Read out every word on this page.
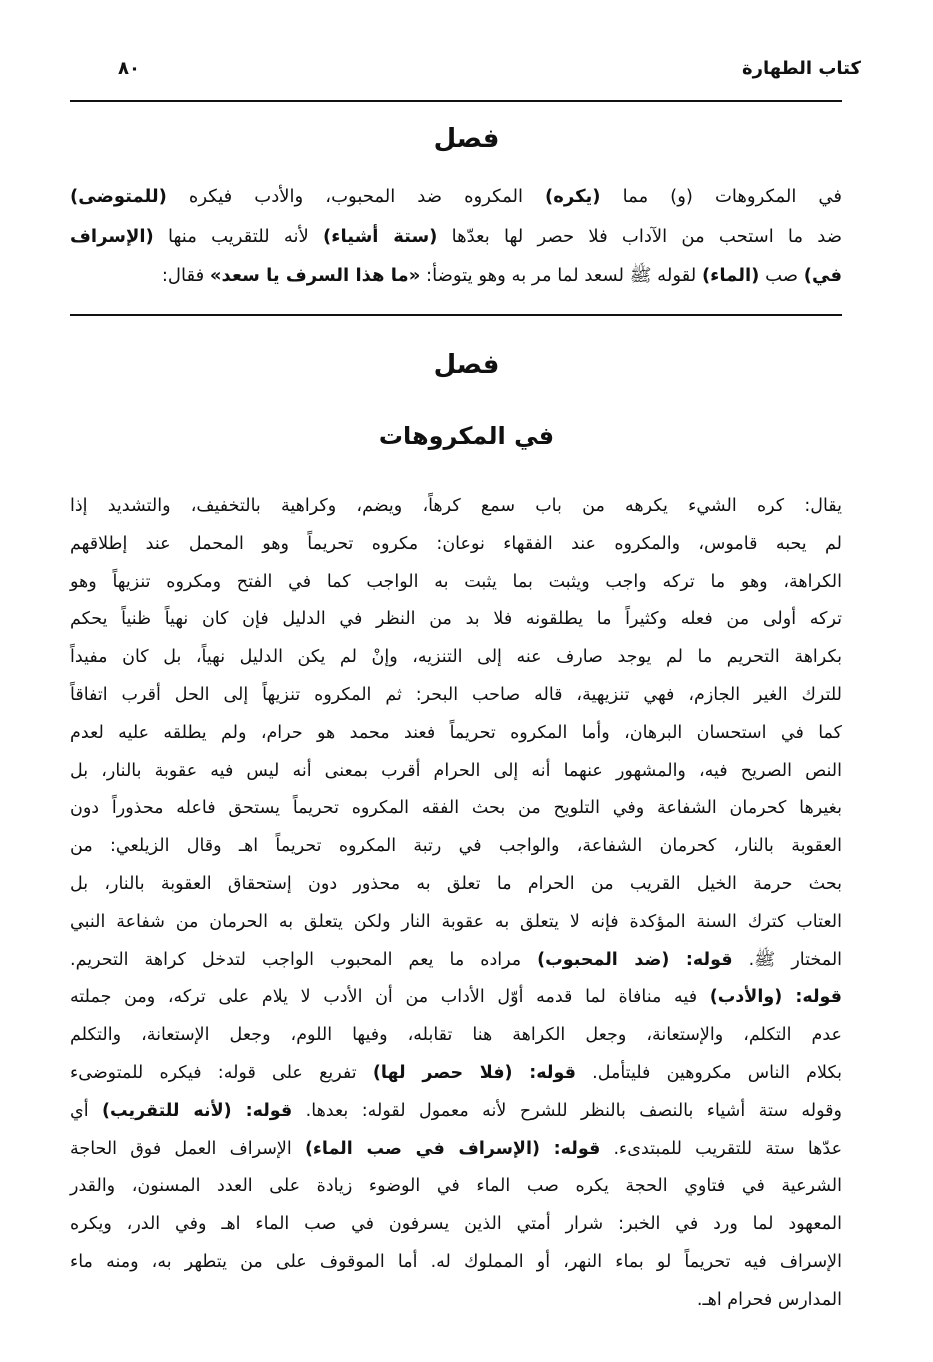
٨٠	كتاب الطهارة
فصل
في المكروهات (و) مما (يكره) المكروه ضد المحبوب، والأدب فيكره (للمتوضى)
ضد ما استحب من الآداب فلا حصر لها بعدّها (ستة أشياء) لأنه للتقريب منها (الإسراف
في) صب (الماء) لقوله ﷺ لسعد لما مر به وهو يتوضأ: «ما هذا السرف يا سعد» فقال:
فصل
في المكروهات
يقال: كره الشيء يكرهه من باب سمع كرهاً، ويضم، وكراهية بالتخفيف، والتشديد إذا
لم يحبه قاموس، والمكروه عند الفقهاء نوعان: مكروه تحريماً وهو المحمل عند إطلاقهم
الكراهة، وهو ما تركه واجب ويثبت بما يثبت به الواجب كما في الفتح ومكروه تنزيهاً وهو
تركه أولى من فعله وكثيراً ما يطلقونه فلا بد من النظر في الدليل فإن كان نهياً ظنياً يحكم
بكراهة التحريم ما لم يوجد صارف عنه إلى التنزيه، وإنْ لم يكن الدليل نهياً، بل كان مفيداً
للترك الغير الجازم، فهي تنزيهية، قاله صاحب البحر: ثم المكروه تنزيهاً إلى الحل أقرب اتفاقاً
كما في استحسان البرهان، وأما المكروه تحريماً فعند محمد هو حرام، ولم يطلقه عليه لعدم
النص الصريح فيه، والمشهور عنهما أنه إلى الحرام أقرب بمعنى أنه ليس فيه عقوبة بالنار، بل
بغيرها كحرمان الشفاعة وفي التلويح من بحث الفقه المكروه تحريماً يستحق فاعله محذوراً دون
العقوبة بالنار، كحرمان الشفاعة، والواجب في رتبة المكروه تحريماً اهـ وقال الزيلعي: من
بحث حرمة الخيل القريب من الحرام ما تعلق به محذور دون إستحقاق العقوبة بالنار، بل
العتاب كترك السنة المؤكدة فإنه لا يتعلق به عقوبة النار ولكن يتعلق به الحرمان من شفاعة النبي
المختار ﷺ. قوله: (ضد المحبوب) مراده ما يعم المحبوب الواجب لتدخل كراهة التحريم.
قوله: (والأدب) فيه منافاة لما قدمه أوّل الأداب من أن الأدب لا يلام على تركه، ومن جملته
عدم التكلم، والإستعانة، وجعل الكراهة هنا تقابله، وفيها اللوم، وجعل الإستعانة، والتكلم
بكلام الناس مكروهين فليتأمل. قوله: (فلا حصر لها) تفريع على قوله: فيكره للمتوضىء
وقوله ستة أشياء بالنصف بالنظر للشرح لأنه معمول لقوله: بعدها. قوله: (لأنه للتقريب) أي
عدّها ستة للتقريب للمبتدىء. قوله: (الإسراف في صب الماء) الإسراف العمل فوق الحاجة
الشرعية في فتاوي الحجة يكره صب الماء في الوضوء زيادة على العدد المسنون، والقدر
المعهود لما ورد في الخبر: شرار أمتي الذين يسرفون في صب الماء اهـ وفي الدر، ويكره
الإسراف فيه تحريماً لو بماء النهر، أو المملوك له. أما الموقوف على من يتطهر به، ومنه ماء
المدارس فحرام اهـ.
